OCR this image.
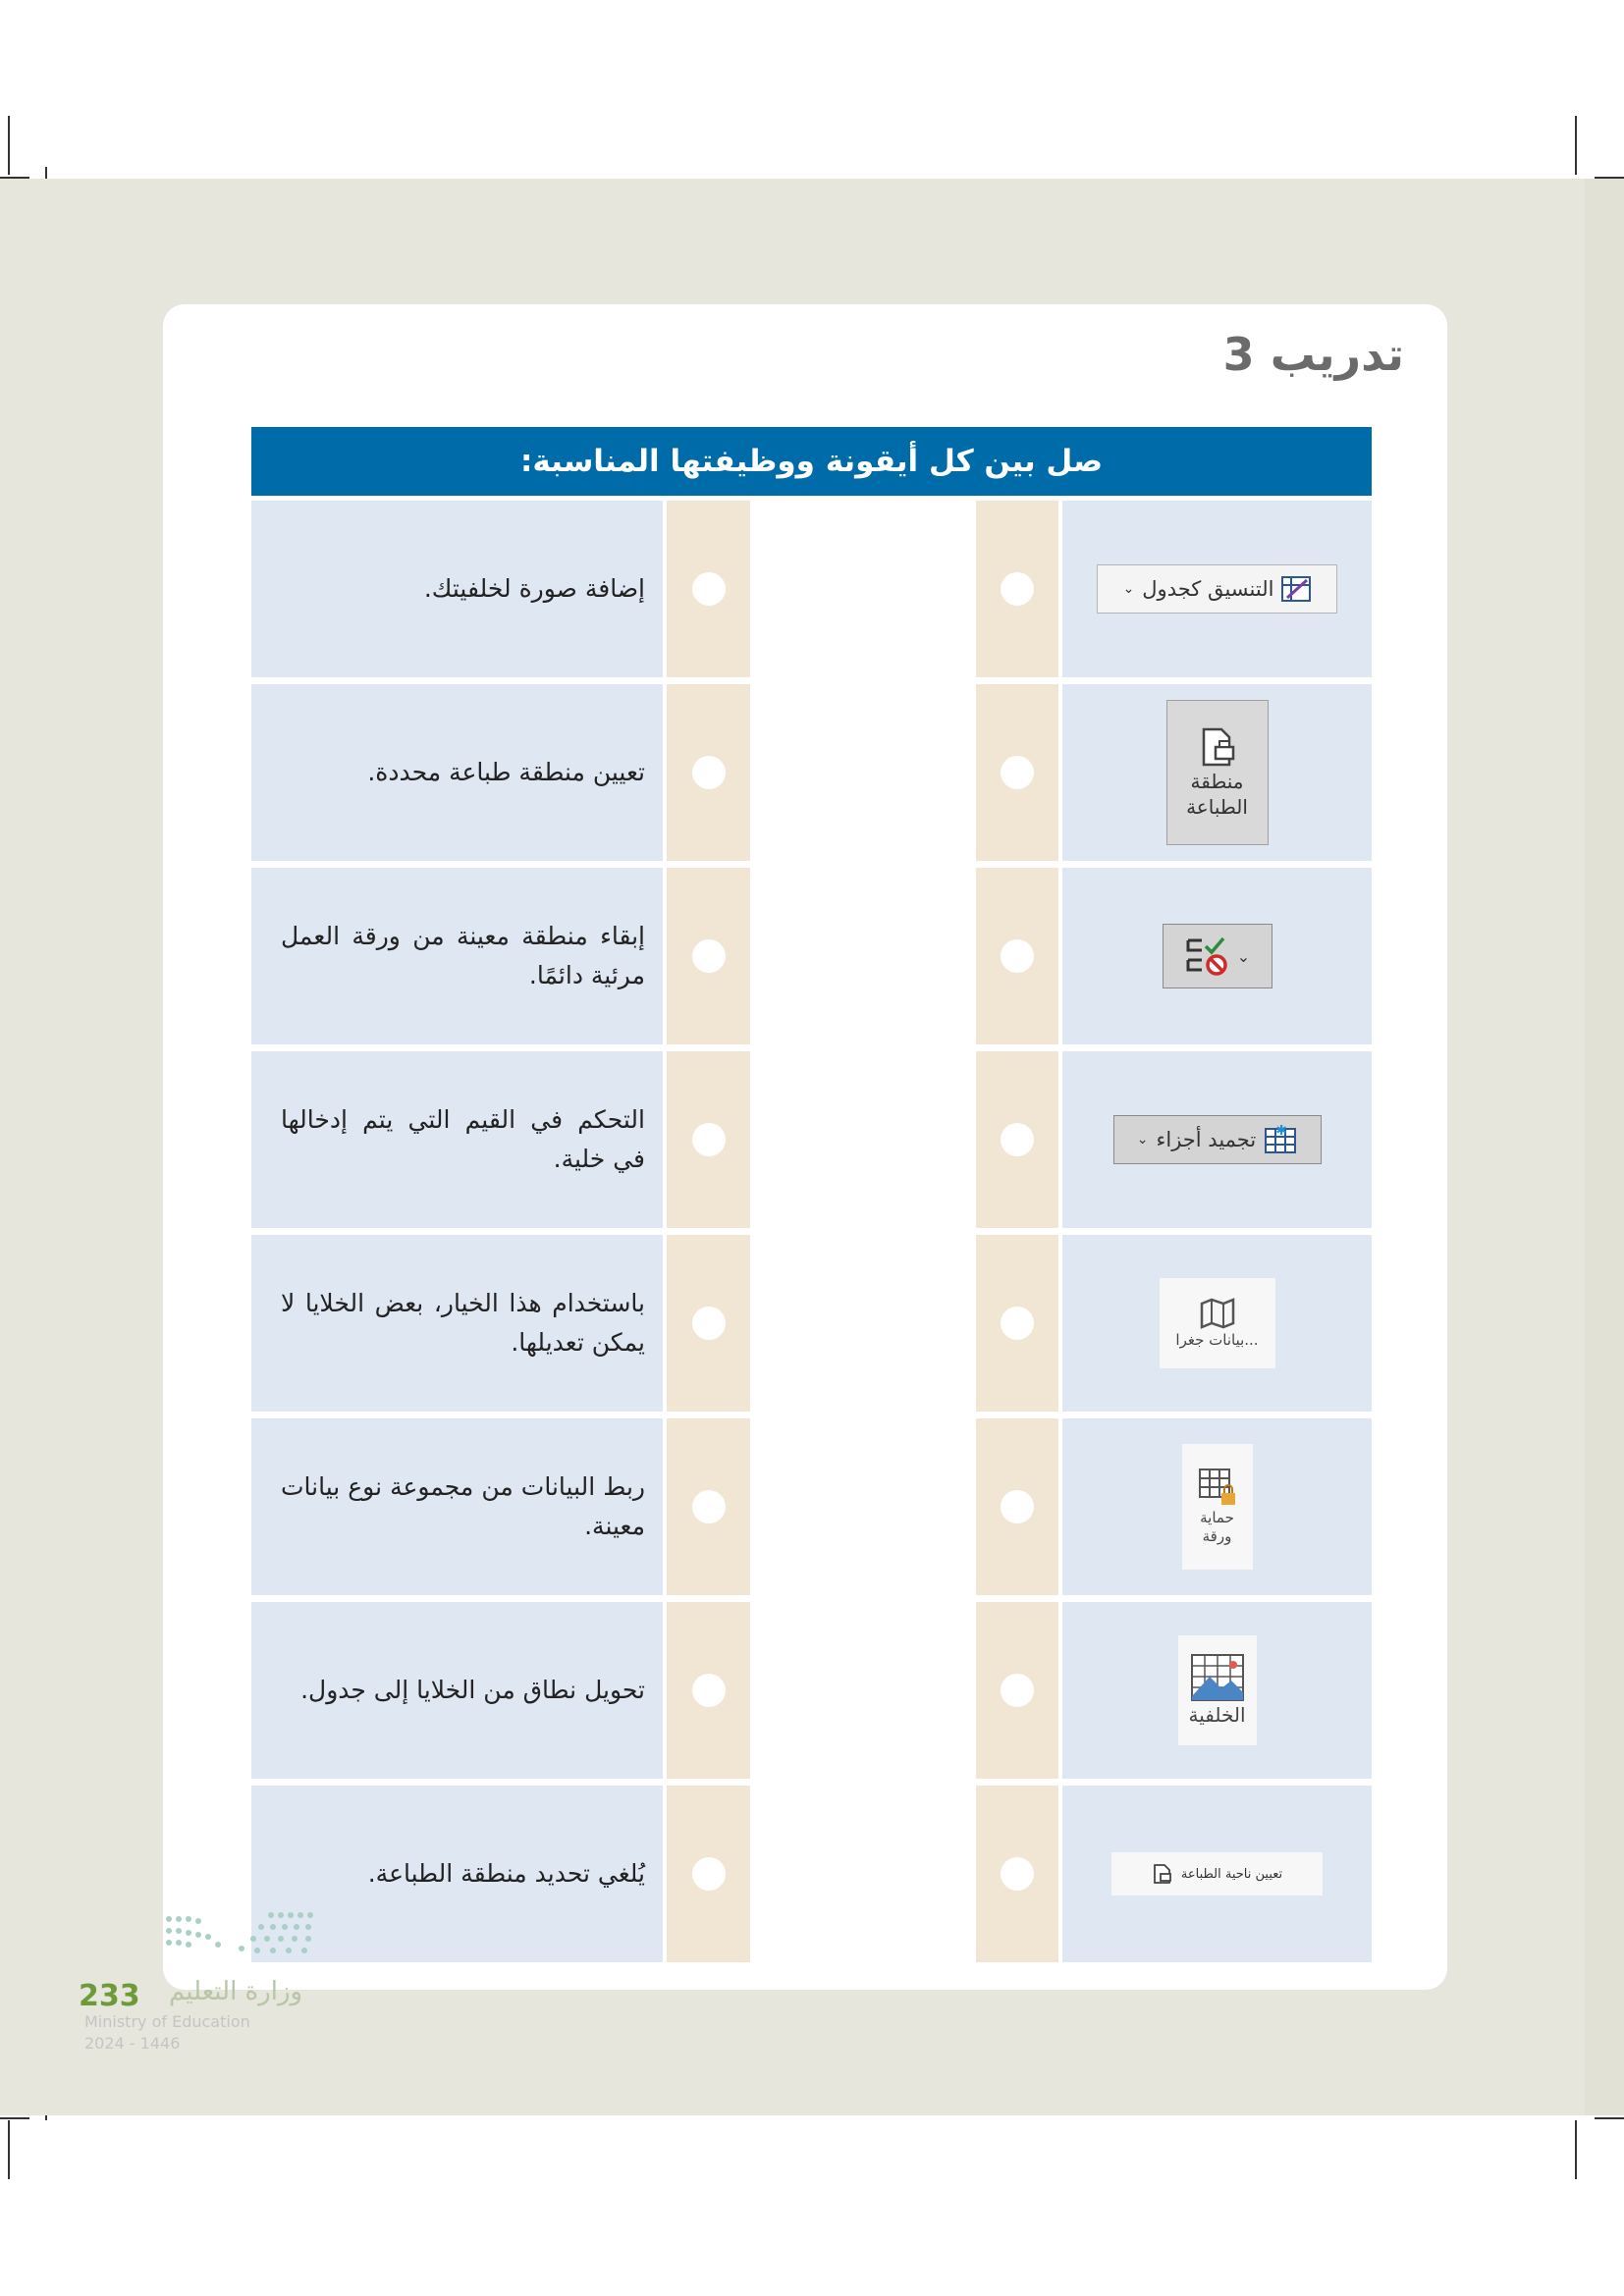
تدريب 3
صل بين كل أيقونة ووظيفتها المناسبة:
التنسيق كجدول
⌄
إضافة صورة لخلفيتك.
منطقة
الطباعة
تعيين منطقة طباعة محددة.
⌄
إبقاء منطقة معينة من ورقة العمل مرئية دائمًا.
✱
تجميد أجزاء
⌄
التحكم في القيم التي يتم إدخالها في خلية.
بيانات جغرا...
باستخدام هذا الخيار، بعض الخلايا لا يمكن تعديلها.
حماية
ورقة
ربط البيانات من مجموعة نوع بيانات معينة.
الخلفية
تحويل نطاق من الخلايا إلى جدول.
تعيين ناحية الطباعة
يُلغي تحديد منطقة الطباعة.
233 وزارة التعليم
Ministry of Education
2024 - 1446
